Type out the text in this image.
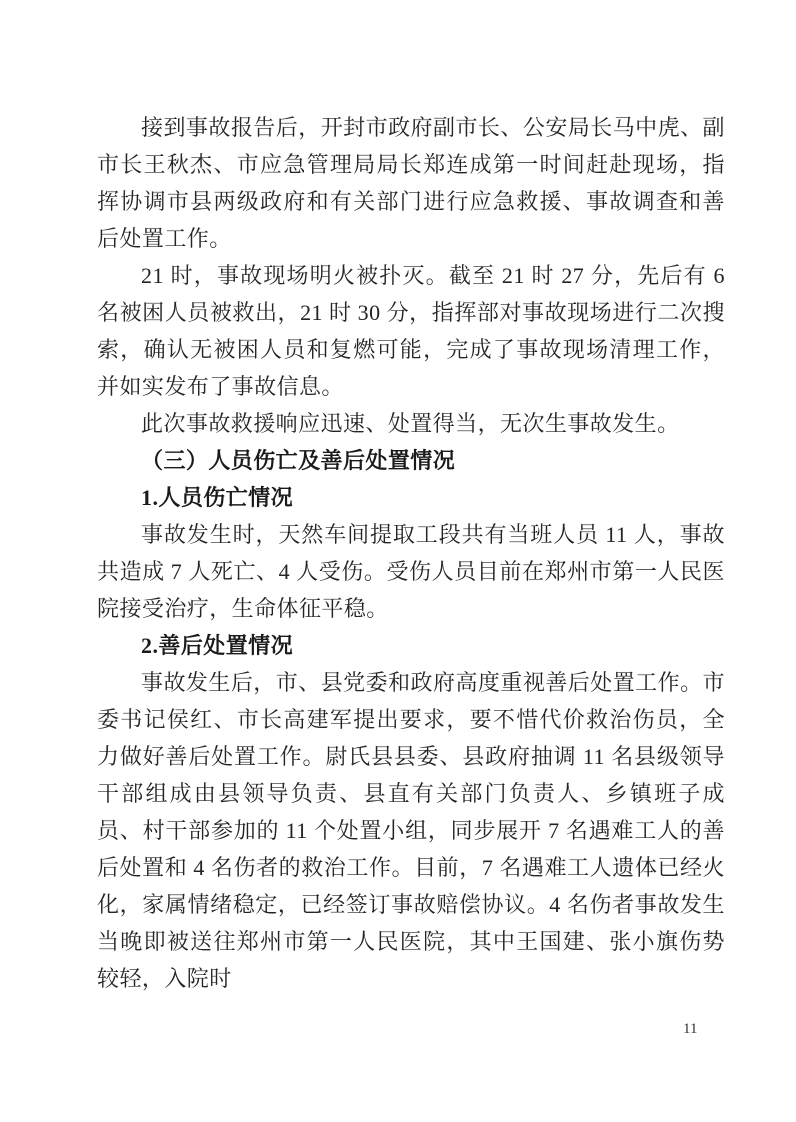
接到事故报告后，开封市政府副市长、公安局长马中虎、副市长王秋杰、市应急管理局局长郑连成第一时间赶赴现场，指挥协调市县两级政府和有关部门进行应急救援、事故调查和善后处置工作。

21 时，事故现场明火被扑灭。截至 21 时 27 分，先后有 6 名被困人员被救出，21 时 30 分，指挥部对事故现场进行二次搜索，确认无被困人员和复燃可能，完成了事故现场清理工作，并如实发布了事故信息。

此次事故救援响应迅速、处置得当，无次生事故发生。

（三）人员伤亡及善后处置情况

1.人员伤亡情况

事故发生时，天然车间提取工段共有当班人员 11 人，事故共造成 7 人死亡、4 人受伤。受伤人员目前在郑州市第一人民医院接受治疗，生命体征平稳。

2.善后处置情况

事故发生后，市、县党委和政府高度重视善后处置工作。市委书记侯红、市长高建军提出要求，要不惜代价救治伤员，全力做好善后处置工作。尉氏县县委、县政府抽调 11 名县级领导干部组成由县领导负责、县直有关部门负责人、乡镇班子成员、村干部参加的 11 个处置小组，同步展开 7 名遇难工人的善后处置和 4 名伤者的救治工作。目前，7 名遇难工人遗体已经火化，家属情绪稳定，已经签订事故赔偿协议。4 名伤者事故发生当晚即被送往郑州市第一人民医院，其中王国建、张小旗伤势较轻，入院时

11
